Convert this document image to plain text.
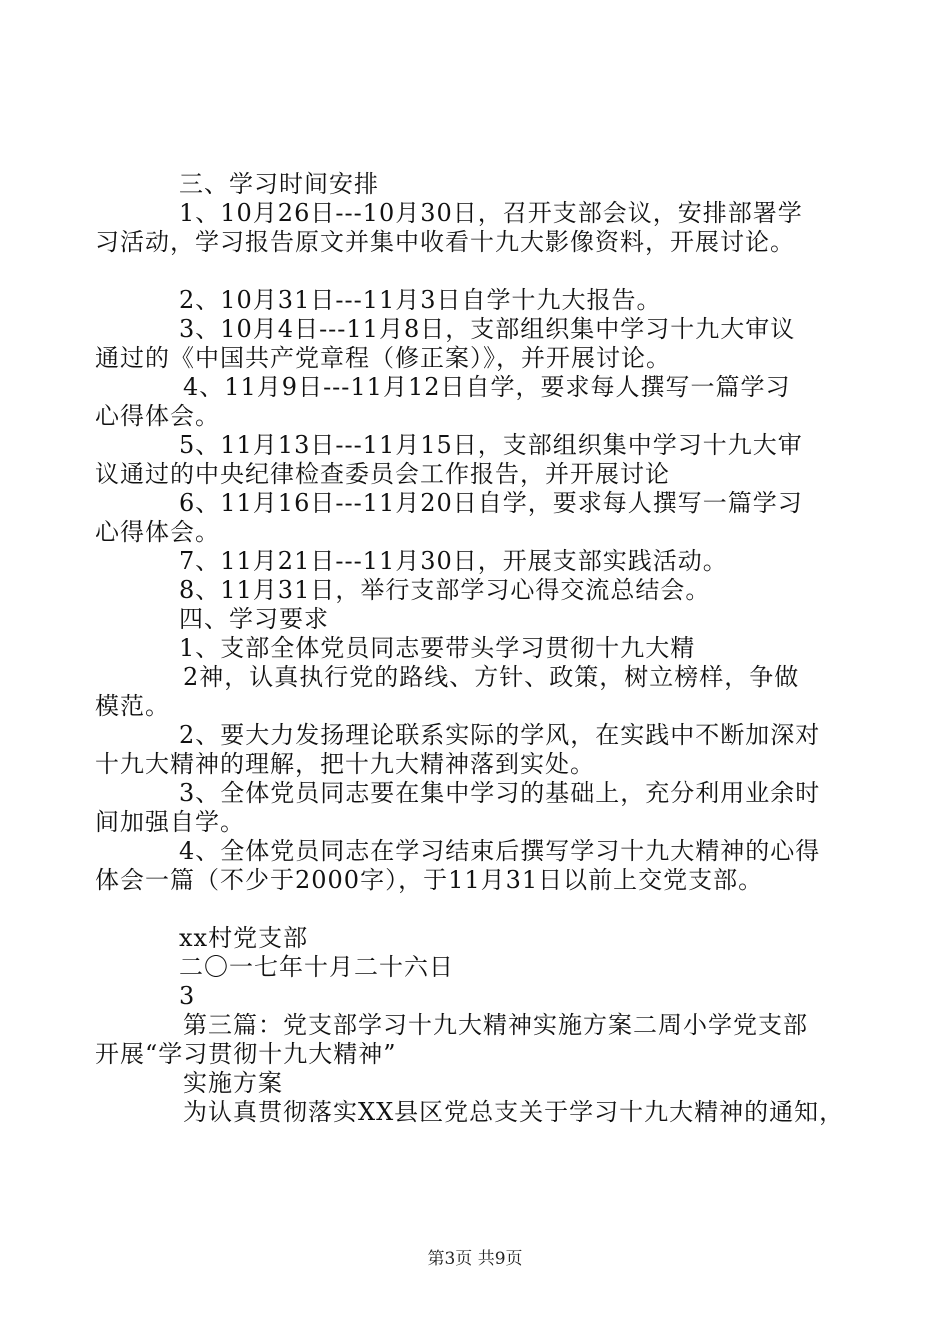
三、学习时间安排
1、10月26日---10月30日，召开支部会议，安排部署学
习活动，学习报告原文并集中收看十九大影像资料，开展讨论。
2、10月31日---11月3日自学十九大报告。
3、10月4日---11月8日，支部组织集中学习十九大审议
通过的《中国共产党章程（修正案）》，并开展讨论。
4、11月9日---11月12日自学，要求每人撰写一篇学习
心得体会。
5、11月13日---11月15日，支部组织集中学习十九大审
议通过的中央纪律检查委员会工作报告，并开展讨论
6、11月16日---11月20日自学，要求每人撰写一篇学习
心得体会。
7、11月21日---11月30日，开展支部实践活动。
8、11月31日，举行支部学习心得交流总结会。
四、学习要求
1、支部全体党员同志要带头学习贯彻十九大精
2神，认真执行党的路线、方针、政策，树立榜样，争做
模范。
2、要大力发扬理论联系实际的学风，在实践中不断加深对
十九大精神的理解，把十九大精神落到实处。
3、全体党员同志要在集中学习的基础上，充分利用业余时
间加强自学。
4、全体党员同志在学习结束后撰写学习十九大精神的心得
体会一篇（不少于2000字），于11月31日以前上交党支部。
xx村党支部
二〇一七年十月二十六日
3
第三篇：党支部学习十九大精神实施方案二周小学党支部
开展“学习贯彻十九大精神”
实施方案
为认真贯彻落实XX县区党总支关于学习十九大精神的通知，
第3页 共9页
